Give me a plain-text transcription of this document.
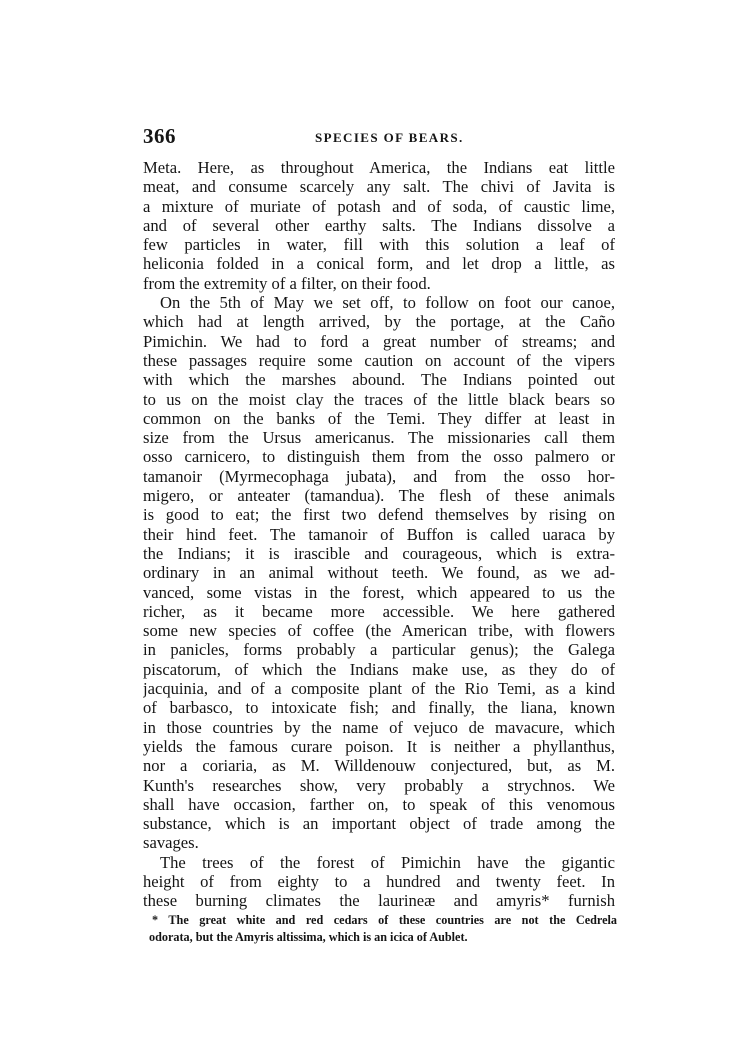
366	SPECIES OF BEARS.
Meta. Here, as throughout America, the Indians eat little
meat, and consume scarcely any salt. The chivi of Javita is
a mixture of muriate of potash and of soda, of caustic lime,
and of several other earthy salts. The Indians dissolve a
few particles in water, fill with this solution a leaf of
heliconia folded in a conical form, and let drop a little, as
from the extremity of a filter, on their food.
On the 5th of May we set off, to follow on foot our canoe,
which had at length arrived, by the portage, at the Caño
Pimichin. We had to ford a great number of streams; and
these passages require some caution on account of the vipers
with which the marshes abound. The Indians pointed out
to us on the moist clay the traces of the little black bears so
common on the banks of the Temi. They differ at least in
size from the Ursus americanus. The missionaries call them
osso carnicero, to distinguish them from the osso palmero or
tamanoir (Myrmecophaga jubata), and from the osso hor-
migero, or anteater (tamandua). The flesh of these animals
is good to eat; the first two defend themselves by rising on
their hind feet. The tamanoir of Buffon is called uaraca by
the Indians; it is irascible and courageous, which is extra-
ordinary in an animal without teeth. We found, as we ad-
vanced, some vistas in the forest, which appeared to us the
richer, as it became more accessible. We here gathered
some new species of coffee (the American tribe, with flowers
in panicles, forms probably a particular genus); the Galega
piscatorum, of which the Indians make use, as they do of
jacquinia, and of a composite plant of the Rio Temi, as a kind
of barbasco, to intoxicate fish; and finally, the liana, known
in those countries by the name of vejuco de mavacure, which
yields the famous curare poison. It is neither a phyllanthus,
nor a coriaria, as M. Willdenouw conjectured, but, as M.
Kunth's researches show, very probably a strychnos. We
shall have occasion, farther on, to speak of this venomous
substance, which is an important object of trade among the
savages.
The trees of the forest of Pimichin have the gigantic
height of from eighty to a hundred and twenty feet. In
these burning climates the laurineæ and amyris* furnish
* The great white and red cedars of these countries are not the Cedrela
odorata, but the Amyris altissima, which is an icica of Aublet.
